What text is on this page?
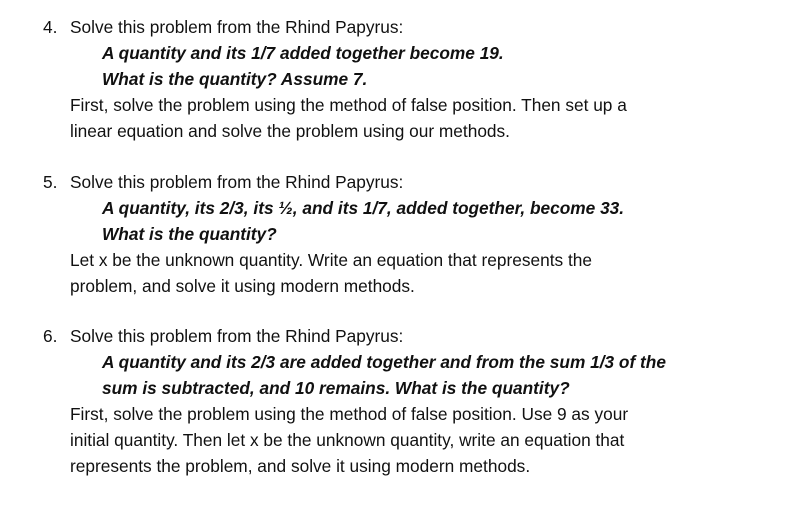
4. Solve this problem from the Rhind Papyrus:
A quantity and its 1/7 added together become 19.
What is the quantity? Assume 7.
First, solve the problem using the method of false position. Then set up a
linear equation and solve the problem using our methods.
5. Solve this problem from the Rhind Papyrus:
A quantity, its 2/3, its ½, and its 1/7, added together, become 33.
What is the quantity?
Let x be the unknown quantity. Write an equation that represents the
problem, and solve it using modern methods.
6. Solve this problem from the Rhind Papyrus:
A quantity and its 2/3 are added together and from the sum 1/3 of the
sum is subtracted, and 10 remains. What is the quantity?
First, solve the problem using the method of false position. Use 9 as your
initial quantity. Then let x be the unknown quantity, write an equation that
represents the problem, and solve it using modern methods.
